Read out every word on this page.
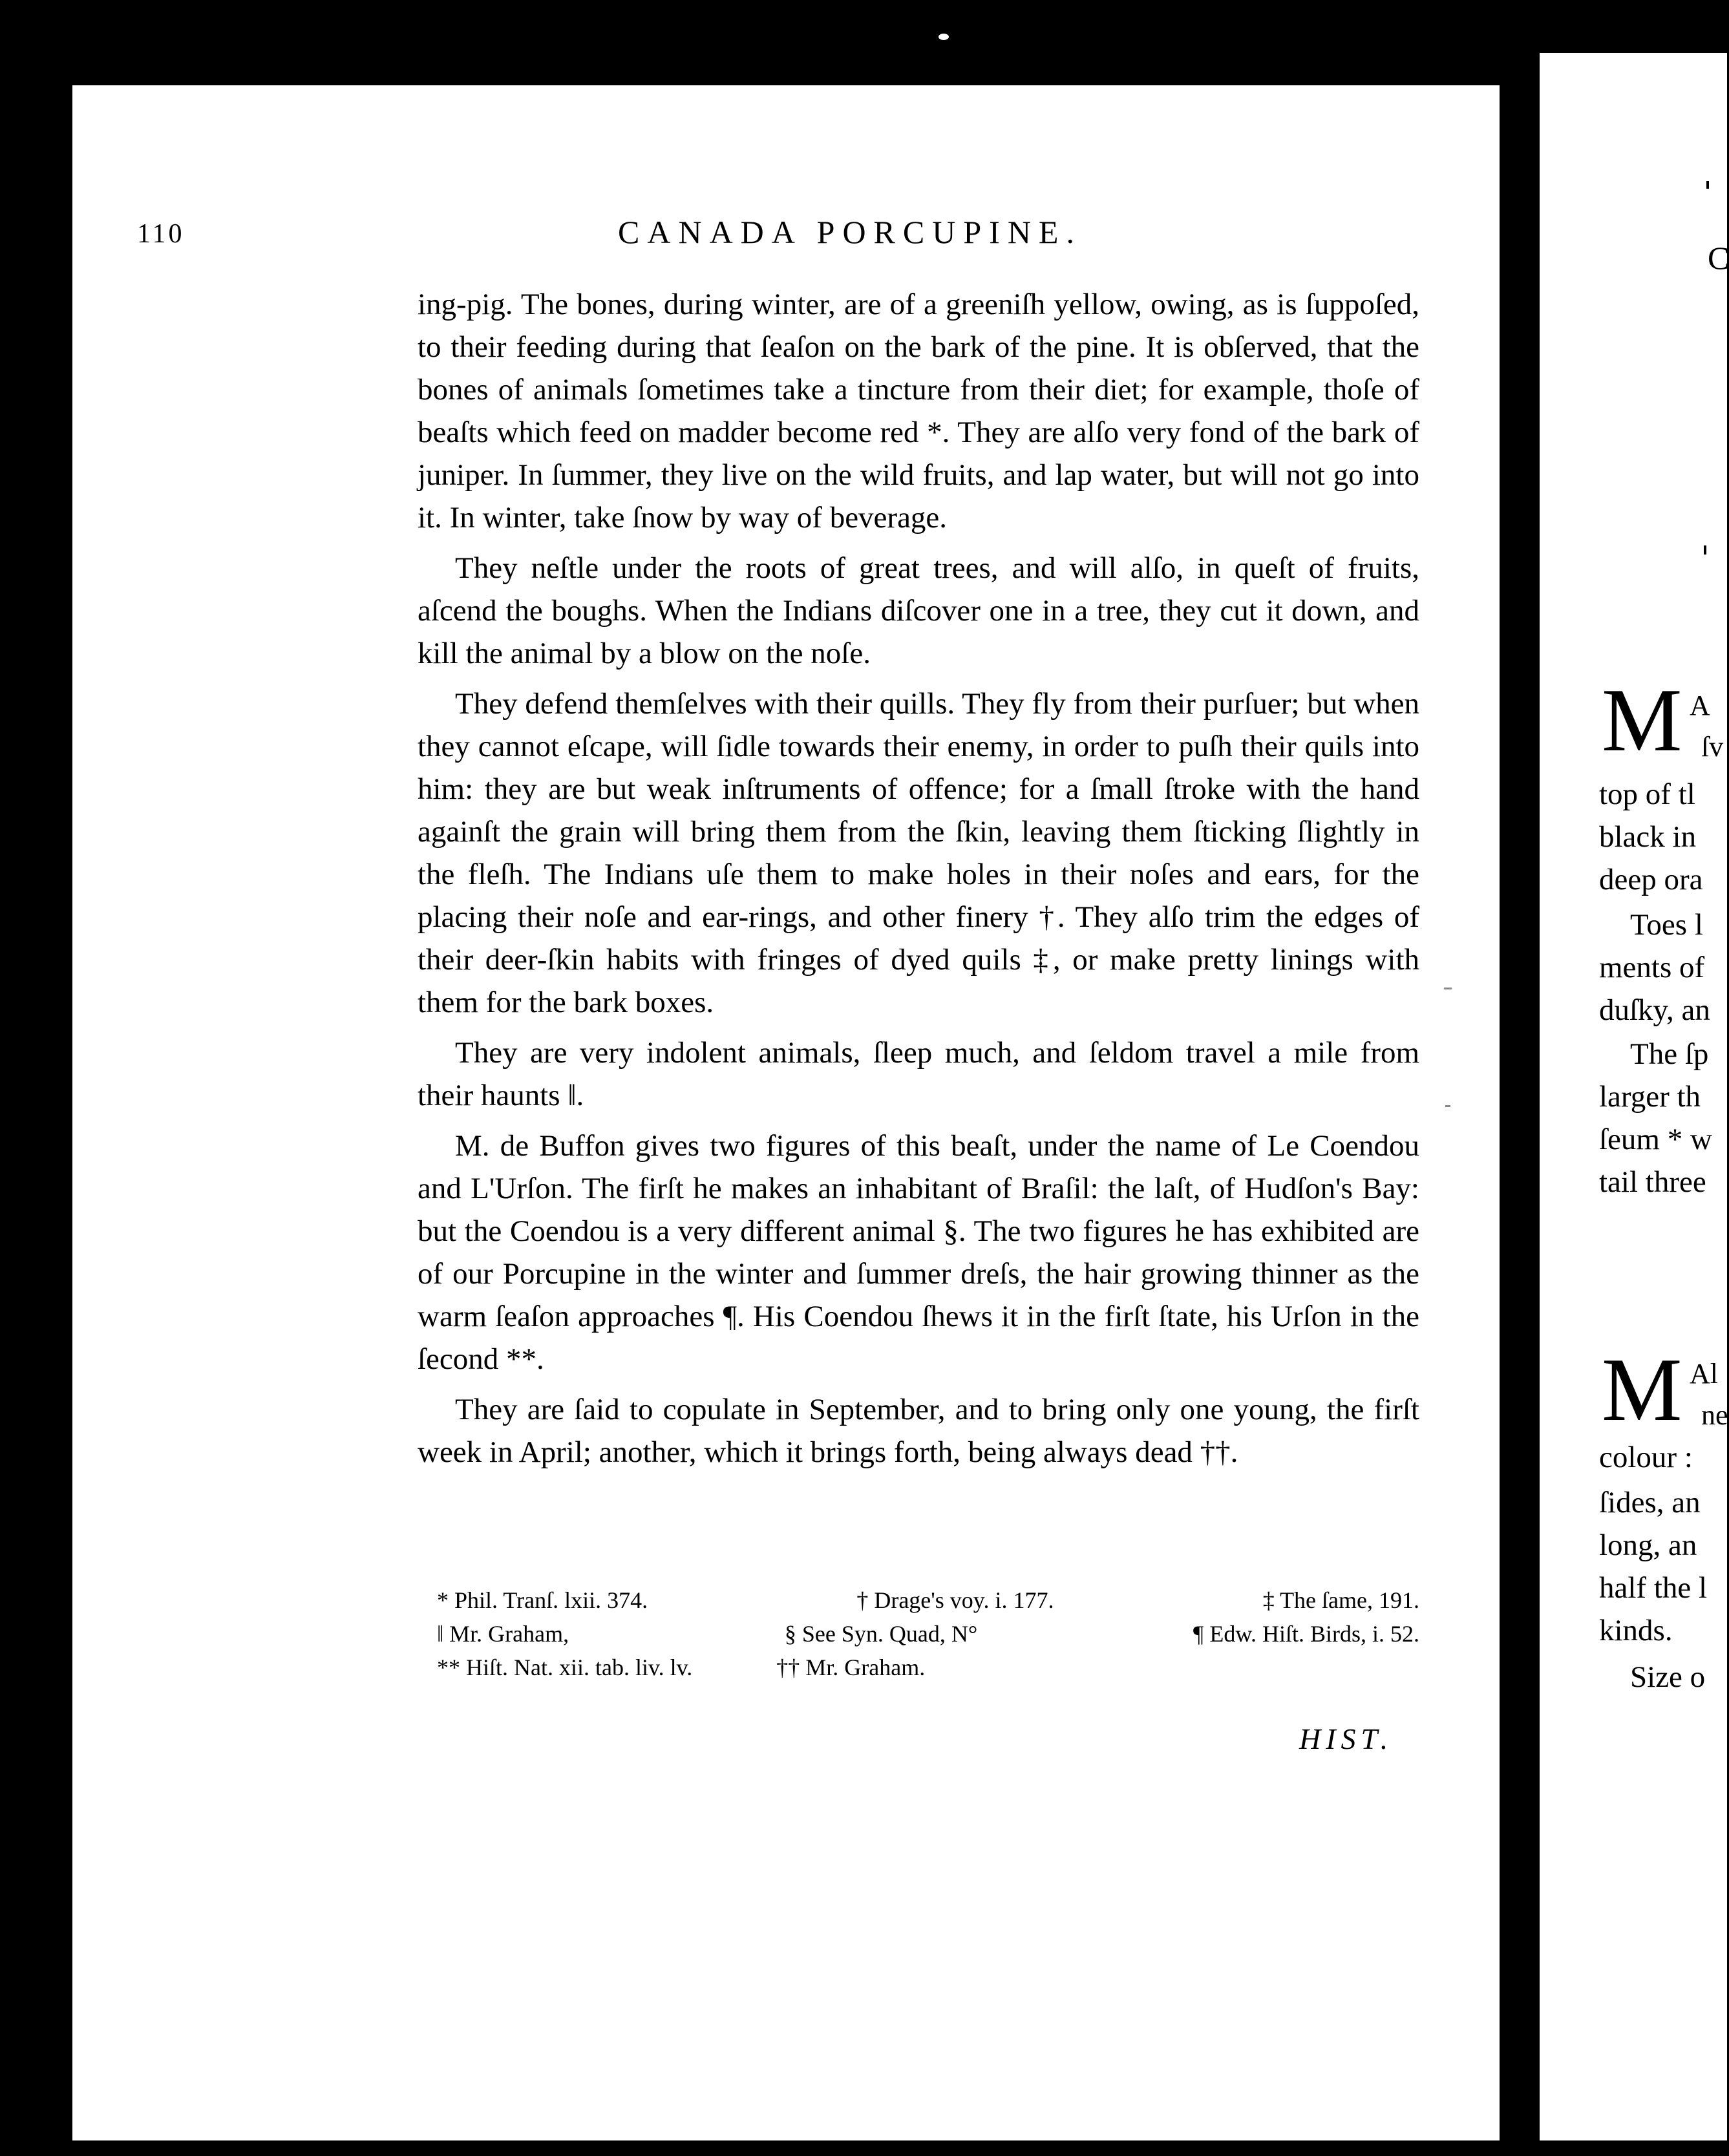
110	CANADA PORCUPINE.

ing-pig. The bones, during winter, are of a greeniſh yellow, owing, as is ſuppoſed, to their feeding during that ſeaſon on the bark of the pine. It is obſerved, that the bones of animals ſometimes take a tincture from their diet; for example, thoſe of beaſts which feed on madder become red *. They are alſo very fond of the bark of juniper. In ſummer, they live on the wild fruits, and lap water, but will not go into it. In winter, take ſnow by way of beverage.

They neſtle under the roots of great trees, and will alſo, in queſt of fruits, aſcend the boughs. When the Indians diſcover one in a tree, they cut it down, and kill the animal by a blow on the noſe.

They defend themſelves with their quills. They fly from their purſuer; but when they cannot eſcape, will ſidle towards their enemy, in order to puſh their quils into him: they are but weak inſtruments of offence; for a ſmall ſtroke with the hand againſt the grain will bring them from the ſkin, leaving them ſticking ſlightly in the fleſh. The Indians uſe them to make holes in their noſes and ears, for the placing their noſe and ear-rings, and other finery †. They alſo trim the edges of their deer-ſkin habits with fringes of dyed quils ‡, or make pretty linings with them for the bark boxes.

They are very indolent animals, ſleep much, and ſeldom travel a mile from their haunts ǁ.

M. de Buffon gives two figures of this beaſt, under the name of Le Coendou and L'Urſon. The firſt he makes an inhabitant of Braſil: the laſt, of Hudſon's Bay: but the Coendou is a very different animal §. The two figures he has exhibited are of our Porcupine in the winter and ſummer dreſs, the hair growing thinner as the warm ſeaſon approaches ¶. His Coendou ſhews it in the firſt ſtate, his Urſon in the ſecond **.

They are ſaid to copulate in September, and to bring only one young, the firſt week in April; another, which it brings forth, being always dead ††.

* Phil. Tranſ. lxii. 374.	† Drage's voy. i. 177.	‡ The ſame, 191.
ǁ Mr. Graham,	§ See Syn. Quad, N°	¶ Edw. Hiſt. Birds, i. 52.
** Hiſt. Nat. xii. tab. liv. lv.	†† Mr. Graham.
HIST.
C
M A
ſv
top of tl
black in
deep ora
Toes l
ments of
duſky, an
The ſp
larger th
ſeum * w
tail three
M Al
ne
colour :
ſides, an
long, an
half the l
kinds.
Size o
